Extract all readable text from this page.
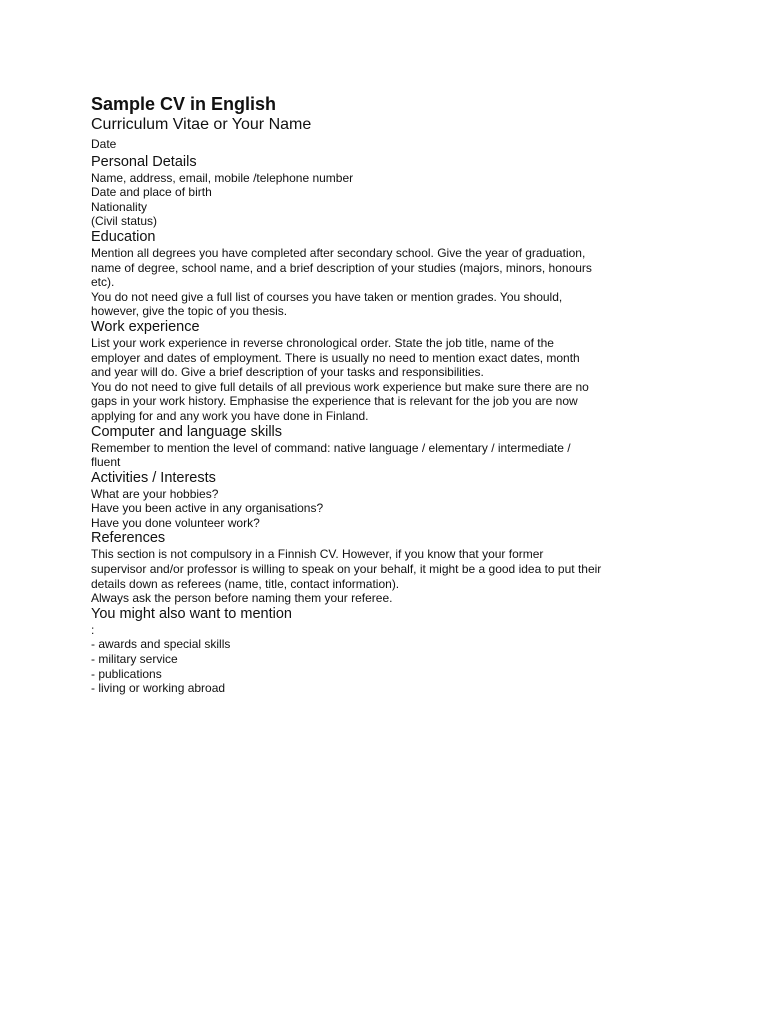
Sample CV in English
Curriculum Vitae or Your Name
Date
Personal Details
Name, address, email, mobile /telephone number
Date and place of birth
Nationality
(Civil status)
Education
Mention all degrees you have completed after secondary school. Give the year of graduation,
name of degree, school name, and a brief description of your studies (majors, minors, honours
etc).
You do not need give a full list of courses you have taken or mention grades. You should,
however, give the topic of you thesis.
Work experience
List your work experience in reverse chronological order. State the job title, name of the
employer and dates of employment. There is usually no need to mention exact dates, month
and year will do. Give a brief description of your tasks and responsibilities.
You do not need to give full details of all previous work experience but make sure there are no
gaps in your work history. Emphasise the experience that is relevant for the job you are now
applying for and any work you have done in Finland.
Computer and language skills
Remember to mention the level of command: native language / elementary / intermediate /
fluent
Activities / Interests
What are your hobbies?
Have you been active in any organisations?
Have you done volunteer work?
References
This section is not compulsory in a Finnish CV. However, if you know that your former
supervisor and/or professor is willing to speak on your behalf, it might be a good idea to put their
details down as referees (name, title, contact information).
Always ask the person before naming them your referee.
You might also want to mention
:
- awards and special skills
- military service
- publications
- living or working abroad
